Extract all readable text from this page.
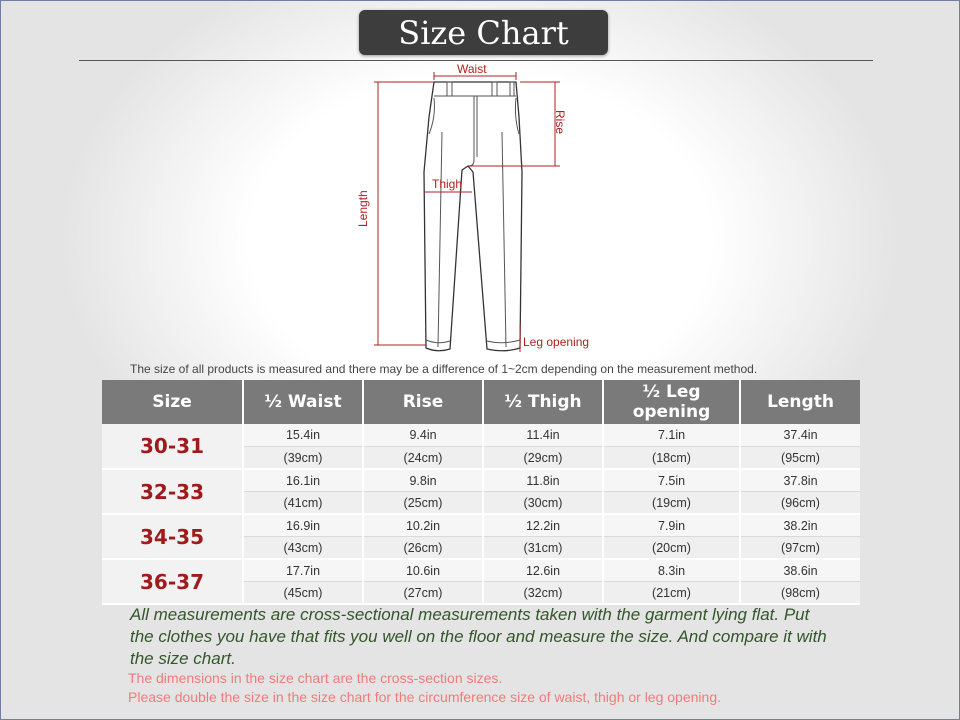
Size Chart
Waist
Rise
Thigh
Length
Leg opening
The size of all products is measured and there may be a difference of 1~2cm depending on the measurement method.
Size	½ Waist	Rise	½ Thigh	½ Leg opening	Length
30-31	15.4in	9.4in	11.4in	7.1in	37.4in
	(39cm)	(24cm)	(29cm)	(18cm)	(95cm)
32-33	16.1in	9.8in	11.8in	7.5in	37.8in
	(41cm)	(25cm)	(30cm)	(19cm)	(96cm)
34-35	16.9in	10.2in	12.2in	7.9in	38.2in
	(43cm)	(26cm)	(31cm)	(20cm)	(97cm)
36-37	17.7in	10.6in	12.6in	8.3in	38.6in
	(45cm)	(27cm)	(32cm)	(21cm)	(98cm)
All measurements are cross-sectional measurements taken with the garment lying flat. Put the clothes you have that fits you well on the floor and measure the size. And compare it with the size chart.
The dimensions in the size chart are the cross-section sizes.
Please double the size in the size chart for the circumference size of waist, thigh or leg opening.
